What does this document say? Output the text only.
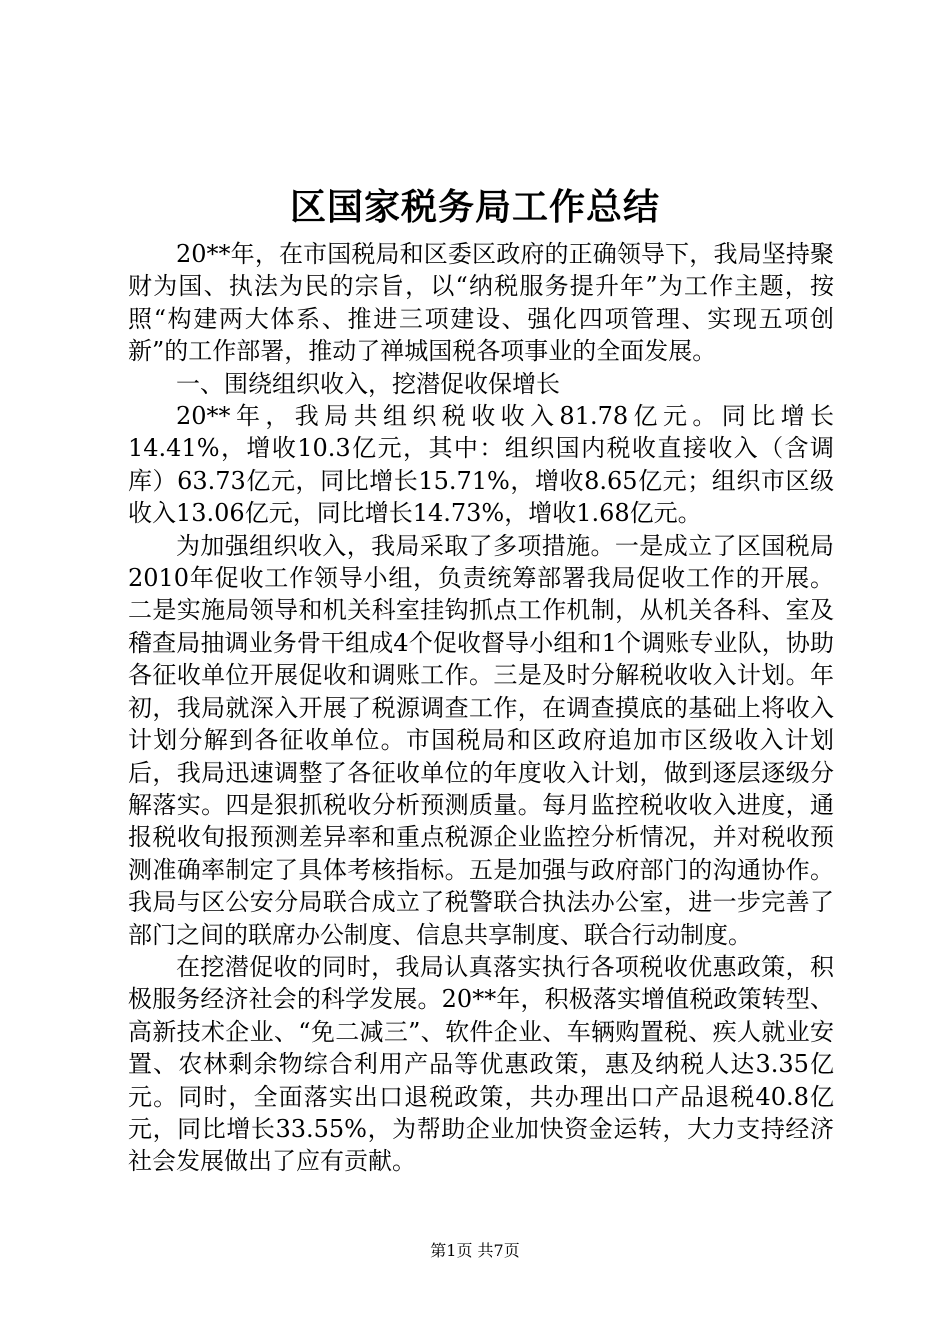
区国家税务局工作总结

20**年，在市国税局和区委区政府的正确领导下，我局坚持聚财为国、执法为民的宗旨，以“纳税服务提升年”为工作主题，按照“构建两大体系、推进三项建设、强化四项管理、实现五项创新”的工作部署，推动了禅城国税各项事业的全面发展。

一、围绕组织收入，挖潜促收保增长

20**年，我局共组织税收收入81.78亿元。同比增长14.41%，增收10.3亿元，其中：组织国内税收直接收入（含调库）63.73亿元，同比增长15.71%，增收8.65亿元；组织市区级收入13.06亿元，同比增长14.73%，增收1.68亿元。

为加强组织收入，我局采取了多项措施。一是成立了区国税局2010年促收工作领导小组，负责统筹部署我局促收工作的开展。二是实施局领导和机关科室挂钩抓点工作机制，从机关各科、室及稽查局抽调业务骨干组成4个促收督导小组和1个调账专业队，协助各征收单位开展促收和调账工作。三是及时分解税收收入计划。年初，我局就深入开展了税源调查工作，在调查摸底的基础上将收入计划分解到各征收单位。市国税局和区政府追加市区级收入计划后，我局迅速调整了各征收单位的年度收入计划，做到逐层逐级分解落实。四是狠抓税收分析预测质量。每月监控税收收入进度，通报税收旬报预测差异率和重点税源企业监控分析情况，并对税收预测准确率制定了具体考核指标。五是加强与政府部门的沟通协作。我局与区公安分局联合成立了税警联合执法办公室，进一步完善了部门之间的联席办公制度、信息共享制度、联合行动制度。

在挖潜促收的同时，我局认真落实执行各项税收优惠政策，积极服务经济社会的科学发展。20**年，积极落实增值税政策转型、高新技术企业、“免二减三”、软件企业、车辆购置税、疾人就业安置、农林剩余物综合利用产品等优惠政策，惠及纳税人达3.35亿元。同时，全面落实出口退税政策，共办理出口产品退税40.8亿元，同比增长33.55%，为帮助企业加快资金运转，大力支持经济社会发展做出了应有贡献。

第1页 共7页
